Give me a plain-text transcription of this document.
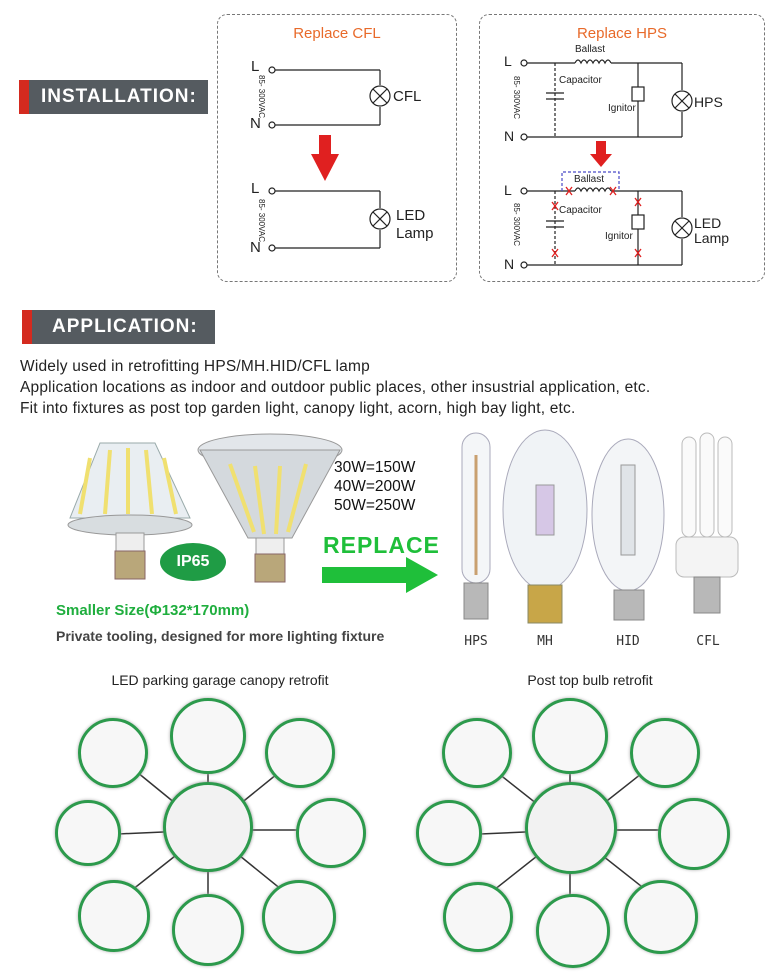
INSTALLATION:
Replace CFL
L
N
85- 300VAC	CFL
L
N
85- 300VAC	LED
Lamp
Replace HPS
L
N
85- 300VAC
Ballast
Capacitor
Ignitor	HPS
L
N
85- 300VAC
Ballast
Capacitor
Ignitor
LED
Lamp
APPLICATION:
Widely used in retrofitting HPS/MH.HID/CFL lamp
Application locations as indoor and outdoor public places, other insustrial application, etc.
Fit into fixtures as post top garden light, canopy light, acorn, high bay light, etc.
IP65
30W=150W
40W=200W
50W=250W
REPLACE
Smaller Size(Φ132*170mm)
Private tooling, designed for more lighting fixture	HPS	MH	HID	CFL
LED parking garage canopy retrofit	Post top bulb retrofit
